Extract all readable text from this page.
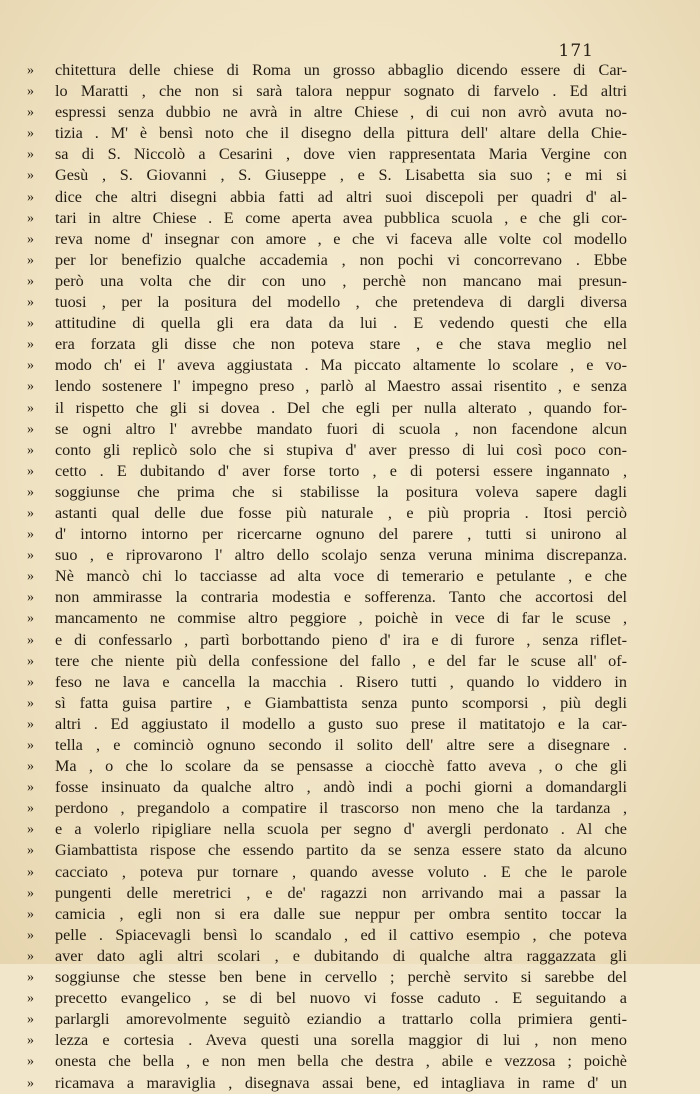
171
»	chitettura delle chiese di Roma un grosso abbaglio dicendo essere di Car-
»	lo Maratti , che non si sarà talora neppur sognato di farvelo . Ed altri
»	espressi senza dubbio ne avrà in altre Chiese , di cui non avrò avuta no-
»	tizia . M' è bensì noto che il disegno della pittura dell' altare della Chie-
»	sa di S. Niccolò a Cesarini , dove vien rappresentata Maria Vergine con
»	Gesù , S. Giovanni , S. Giuseppe , e S. Lisabetta sia suo ; e mi si
»	dice che altri disegni abbia fatti ad altri suoi discepoli per quadri d' al-
»	tari in altre Chiese . E come aperta avea pubblica scuola , e che gli cor-
»	reva nome d' insegnar con amore , e che vi faceva alle volte col modello
»	per lor benefizio qualche accademia , non pochi vi concorrevano . Ebbe
»	però una volta che dir con uno , perchè non mancano mai presun-
»	tuosi , per la positura del modello , che pretendeva di dargli diversa
»	attitudine di quella gli era data da lui . E vedendo questi che ella
»	era forzata gli disse che non poteva stare , e che stava meglio nel
»	modo ch' ei l' aveva aggiustata . Ma piccato altamente lo scolare , e vo-
»	lendo sostenere l' impegno preso , parlò al Maestro assai risentito , e senza
»	il rispetto che gli si dovea . Del che egli per nulla alterato , quando for-
»	se ogni altro l' avrebbe mandato fuori di scuola , non facendone alcun
»	conto gli replicò solo che si stupiva d' aver presso di lui così poco con-
»	cetto . E dubitando d' aver forse torto , e di potersi essere ingannato ,
»	soggiunse che prima che si stabilisse la positura voleva sapere dagli
»	astanti qual delle due fosse più naturale , e più propria . Itosi perciò
»	d' intorno intorno per ricercarne ognuno del parere , tutti si unirono al
»	suo , e riprovarono l' altro dello scolajo senza veruna minima discrepanza.
»	Nè mancò chi lo tacciasse ad alta voce di temerario e petulante , e che
»	non ammirasse la contraria modestia e sofferenza. Tanto che accortosi del
»	mancamento ne commise altro peggiore , poichè in vece di far le scuse ,
»	e di confessarlo , partì borbottando pieno d' ira e di furore , senza riflet-
»	tere che niente più della confessione del fallo , e del far le scuse all' of-
»	feso ne lava e cancella la macchia . Risero tutti , quando lo viddero in
»	sì fatta guisa partire , e Giambattista senza punto scomporsi , più degli
»	altri . Ed aggiustato il modello a gusto suo prese il matitatojo e la car-
»	tella , e cominciò ognuno secondo il solito dell' altre sere a disegnare .
»	Ma , o che lo scolare da se pensasse a ciocchè fatto aveva , o che gli
»	fosse insinuato da qualche altro , andò indi a pochi giorni a domandargli
»	perdono , pregandolo a compatire il trascorso non meno che la tardanza ,
»	e a volerlo ripigliare nella scuola per segno d' avergli perdonato . Al che
»	Giambattista rispose che essendo partito da se senza essere stato da alcuno
»	cacciato , poteva pur tornare , quando avesse voluto . E che le parole
»	pungenti delle meretrici , e de' ragazzi non arrivando mai a passar la
»	camicia , egli non si era dalle sue neppur per ombra sentito toccar la
»	pelle . Spiacevagli bensì lo scandalo , ed il cattivo esempio , che poteva
»	aver dato agli altri scolari , e dubitando di qualche altra raggazzata gli
»	soggiunse che stesse ben bene in cervello ; perchè servito si sarebbe del
»	precetto evangelico , se di bel nuovo vi fosse caduto . E seguitando a
»	parlargli amorevolmente seguitò eziandio a trattarlo colla primiera genti-
»	lezza e cortesia . Aveva questi una sorella maggior di lui , non meno
»	onesta che bella , e non men bella che destra , abile e vezzosa ; poichè
»	ricamava a maraviglia , disegnava assai bene, ed intagliava in rame d' un
